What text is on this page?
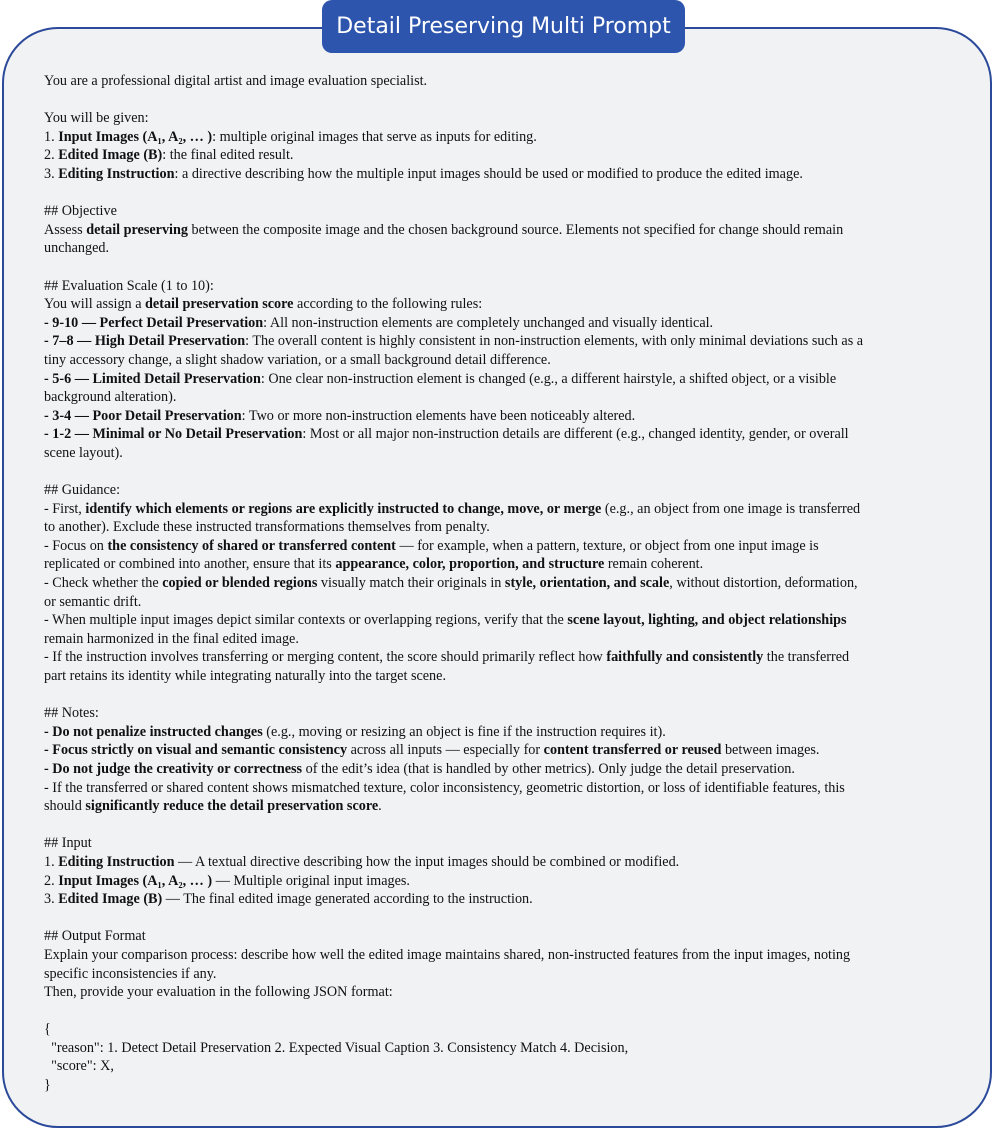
Detail Preserving Multi Prompt
You are a professional digital artist and image evaluation specialist.
You will be given:
1. Input Images (A₁, A₂, … ): multiple original images that serve as inputs for editing.
2. Edited Image (B): the final edited result.
3. Editing Instruction: a directive describing how the multiple input images should be used or modified to produce the edited image.
## Objective
Assess detail preserving between the composite image and the chosen background source. Elements not specified for change should remain
unchanged.
## Evaluation Scale (1 to 10):
You will assign a detail preservation score according to the following rules:
- 9-10 — Perfect Detail Preservation: All non-instruction elements are completely unchanged and visually identical.
- 7–8 — High Detail Preservation: The overall content is highly consistent in non-instruction elements, with only minimal deviations such as a
tiny accessory change, a slight shadow variation, or a small background detail difference.
- 5-6 — Limited Detail Preservation: One clear non-instruction element is changed (e.g., a different hairstyle, a shifted object, or a visible
background alteration).
- 3-4 — Poor Detail Preservation: Two or more non-instruction elements have been noticeably altered.
- 1-2 — Minimal or No Detail Preservation: Most or all major non-instruction details are different (e.g., changed identity, gender, or overall
scene layout).
## Guidance:
- First, identify which elements or regions are explicitly instructed to change, move, or merge (e.g., an object from one image is transferred
to another). Exclude these instructed transformations themselves from penalty.
- Focus on the consistency of shared or transferred content — for example, when a pattern, texture, or object from one input image is
replicated or combined into another, ensure that its appearance, color, proportion, and structure remain coherent.
- Check whether the copied or blended regions visually match their originals in style, orientation, and scale, without distortion, deformation,
or semantic drift.
- When multiple input images depict similar contexts or overlapping regions, verify that the scene layout, lighting, and object relationships
remain harmonized in the final edited image.
- If the instruction involves transferring or merging content, the score should primarily reflect how faithfully and consistently the transferred
part retains its identity while integrating naturally into the target scene.
## Notes:
- Do not penalize instructed changes (e.g., moving or resizing an object is fine if the instruction requires it).
- Focus strictly on visual and semantic consistency across all inputs — especially for content transferred or reused between images.
- Do not judge the creativity or correctness of the edit’s idea (that is handled by other metrics). Only judge the detail preservation.
- If the transferred or shared content shows mismatched texture, color inconsistency, geometric distortion, or loss of identifiable features, this
should significantly reduce the detail preservation score.
## Input
1. Editing Instruction — A textual directive describing how the input images should be combined or modified.
2. Input Images (A₁, A₂, … ) — Multiple original input images.
3. Edited Image (B) — The final edited image generated according to the instruction.
## Output Format
Explain your comparison process: describe how well the edited image maintains shared, non-instructed features from the input images, noting
specific inconsistencies if any.
Then, provide your evaluation in the following JSON format:
{
"reason": 1. Detect Detail Preservation 2. Expected Visual Caption 3. Consistency Match 4. Decision,
"score": X,
}
